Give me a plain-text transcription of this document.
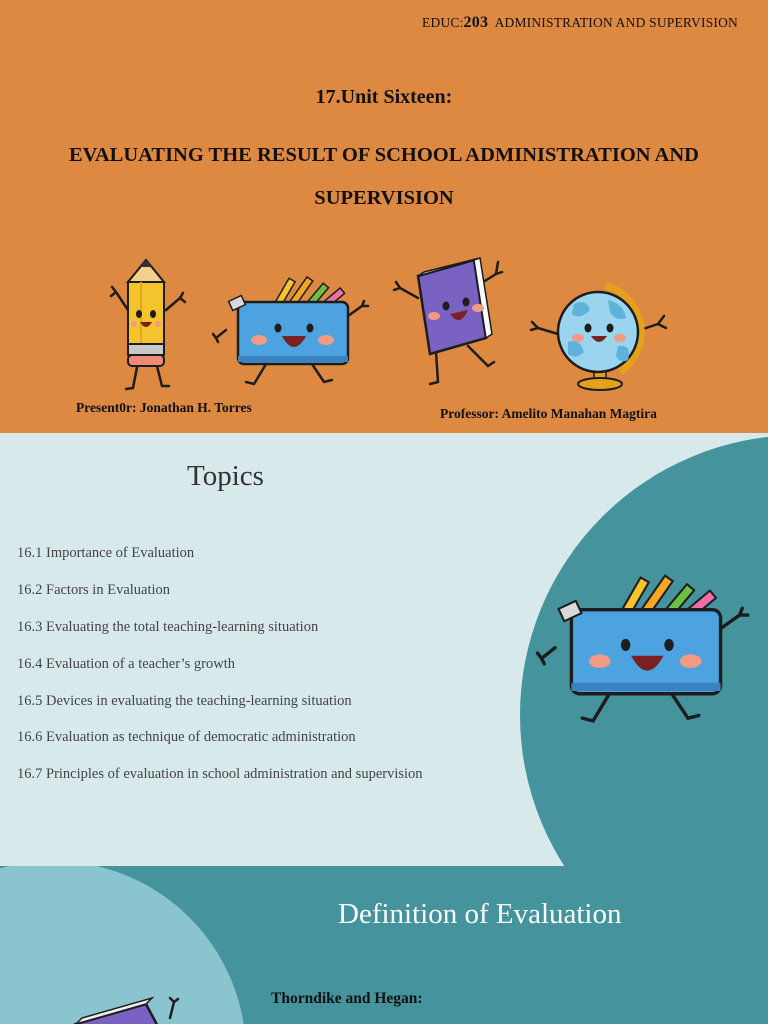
EDUC:203 ADMINISTRATION AND SUPERVISION
17.Unit Sixteen:
EVALUATING THE RESULT OF SCHOOL ADMINISTRATION AND SUPERVISION
Present0r: Jonathan H. Torres	Professor: Amelito Manahan Magtira
Topics
16.1 Importance of Evaluation
16.2 Factors in Evaluation
16.3 Evaluating the total teaching-learning situation
16.4 Evaluation of a teacher’s growth
16.5 Devices in evaluating the teaching-learning situation
16.6 Evaluation as technique of democratic administration
16.7 Principles of evaluation in school administration and supervision
Definition of Evaluation
Thorndike and Hegan:
